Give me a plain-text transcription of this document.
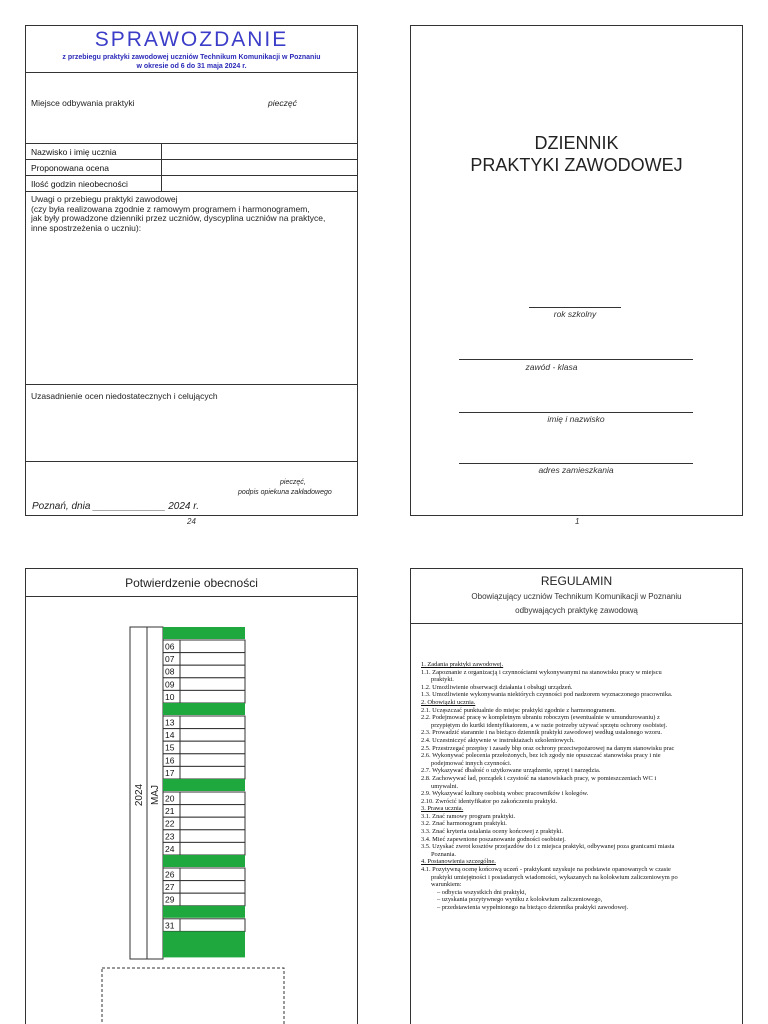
SPRAWOZDANIE
z przebiegu praktyki zawodowej uczniów Technikum Komunikacji w Poznaniu
w okresie od 6 do 31 maja 2024 r.
Miejsce odbywania praktyki	pieczęć
Nazwisko i imię ucznia
Proponowana ocena
Ilość godzin nieobecności
Uwagi o przebiegu praktyki zawodowej
(czy była realizowana zgodnie z ramowym programem i harmonogramem,
jak były prowadzone dzienniki przez uczniów, dyscyplina uczniów na praktyce,
inne spostrzeżenia o uczniu):
Uzasadnienie ocen niedostatecznych i celujących
pieczęć,
podpis opiekuna zakładowego
Poznań, dnia _____________ 2024 r.
24
DZIENNIK
PRAKTYKI ZAWODOWEJ
rok szkolny
zawód - klasa
imię i nazwisko
adres zamieszkania
1
2024 MAJ
06
07
08
09
10
13
14
15
16
17
20
21
22
23
24
26
27
29
31
Potwierdzenie obecności	REGULAMIN
Obowiązujący uczniów Technikum Komunikacji w Poznaniu
odbywających praktykę zawodową
1. Zadania praktyki zawodowej.
1.1. Zapoznanie z organizacją i czynnościami wykonywanymi na stanowisku pracy w miejscu
praktyki.
1.2. Umożliwienie obserwacji działania i obsługi urządzeń.
1.3. Umożliwienie wykonywania niektórych czynności pod nadzorem wyznaczonego pracownika.
2. Obowiązki ucznia.
2.1. Uczęszczać punktualnie do miejsc praktyki zgodnie z harmonogramem.
2.2. Podejmować pracę w kompletnym ubraniu roboczym (ewentualnie w umundurowaniu) z
przypiętym do kurtki identyfikatorem, a w razie potrzeby używać sprzętu ochrony osobistej.
2.3. Prowadzić starannie i na bieżąco dziennik praktyki zawodowej według ustalonego wzoru.
2.4. Uczestniczyć aktywnie w instruktażach szkoleniowych.
2.5. Przestrzegać przepisy i zasady bhp oraz ochrony przeciwpożarowej na danym stanowisku prac
2.6. Wykonywać polecenia przełożonych, bez ich zgody nie opuszczać stanowiska pracy i nie
podejmować innych czynności.
2.7. Wykazywać dbałość o użytkowane urządzenie, sprzęt i narzędzia.
2.8. Zachowywać ład, porządek i czystość na stanowiskach pracy, w pomieszczeniach WC i
umywalni.
2.9. Wykazywać kulturę osobistą wobec pracowników i kolegów.
2.10. Zwrócić identyfikator po zakończeniu praktyki.
3. Prawa ucznia.
3.1. Znać ramowy program praktyki.
3.2. Znać harmonogram praktyki.
3.3. Znać kryteria ustalania oceny końcowej z praktyki.
3.4. Mieć zapewnione poszanowanie godności osobistej.
3.5. Uzyskać zwrot kosztów przejazdów do i z miejsca praktyki, odbywanej poza granicami miasta
Poznania.
4. Postanowienia szczególne.
4.1. Pozytywną ocenę końcową uczeń - praktykant uzyskuje na podstawie opanowanych w czasie
praktyki umiejętności i posiadanych wiadomości, wykazanych na kolokwium zaliczeniowym po
warunkiem:
– odbycia wszystkich dni praktyki,
– uzyskania pozytywnego wyniku z kolokwium zaliczeniowego,
– przedstawienia wypełnionego na bieżąco dziennika praktyki zawodowej.
